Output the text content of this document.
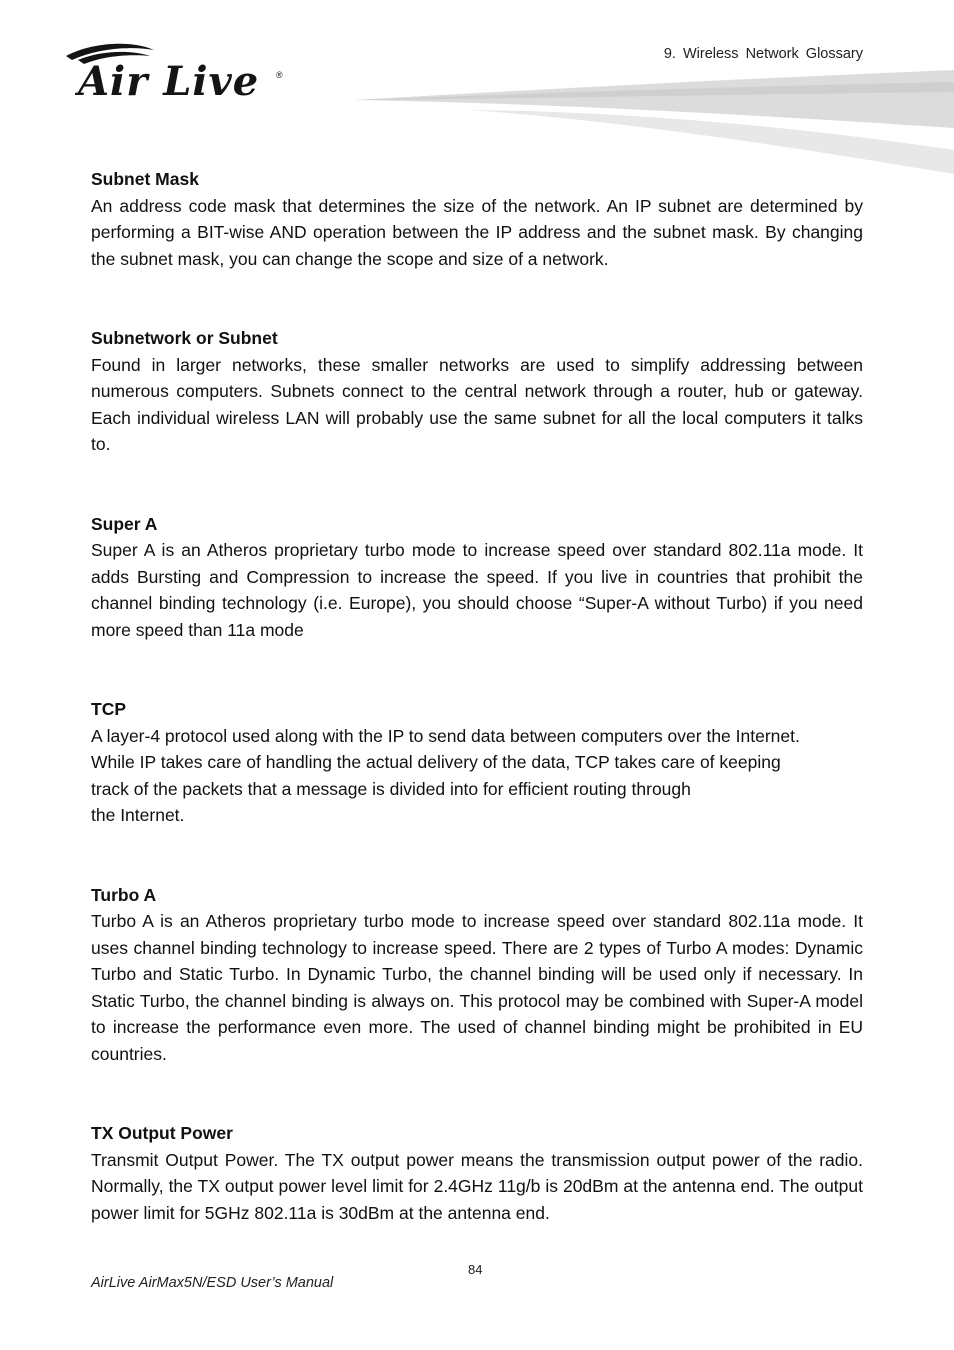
Air Live ®
9. Wireless Network Glossary
Subnet Mask

An address code mask that determines the size of the network. An IP subnet are determined by performing a BIT-wise AND operation between the IP address and the subnet mask. By changing the subnet mask, you can change the scope and size of a network.

Subnetwork or Subnet

Found in larger networks, these smaller networks are used to simplify addressing between numerous computers. Subnets connect to the central network through a router, hub or gateway. Each individual wireless LAN will probably use the same subnet for all the local computers it talks to.

Super A

Super A is an Atheros proprietary turbo mode to increase speed over standard 802.11a mode. It adds Bursting and Compression to increase the speed. If you live in countries that prohibit the channel binding technology (i.e. Europe), you should choose “Super-A without Turbo) if you need more speed than 11a mode

TCP

A layer-4 protocol used along with the IP to send data between computers over the Internet.
While IP takes care of handling the actual delivery of the data, TCP takes care of keeping
track of the packets that a message is divided into for efficient routing through
the Internet.

Turbo A

Turbo A is an Atheros proprietary turbo mode to increase speed over standard 802.11a mode. It uses channel binding technology to increase speed. There are 2 types of Turbo A modes: Dynamic Turbo and Static Turbo. In Dynamic Turbo, the channel binding will be used only if necessary. In Static Turbo, the channel binding is always on. This protocol may be combined with Super-A model to increase the performance even more. The used of channel binding might be prohibited in EU countries.

TX Output Power

Transmit Output Power. The TX output power means the transmission output power of the radio. Normally, the TX output power level limit for 2.4GHz 11g/b is 20dBm at the antenna end. The output power limit for 5GHz 802.11a is 30dBm at the antenna end.

84
AirLive AirMax5N/ESD User’s Manual
